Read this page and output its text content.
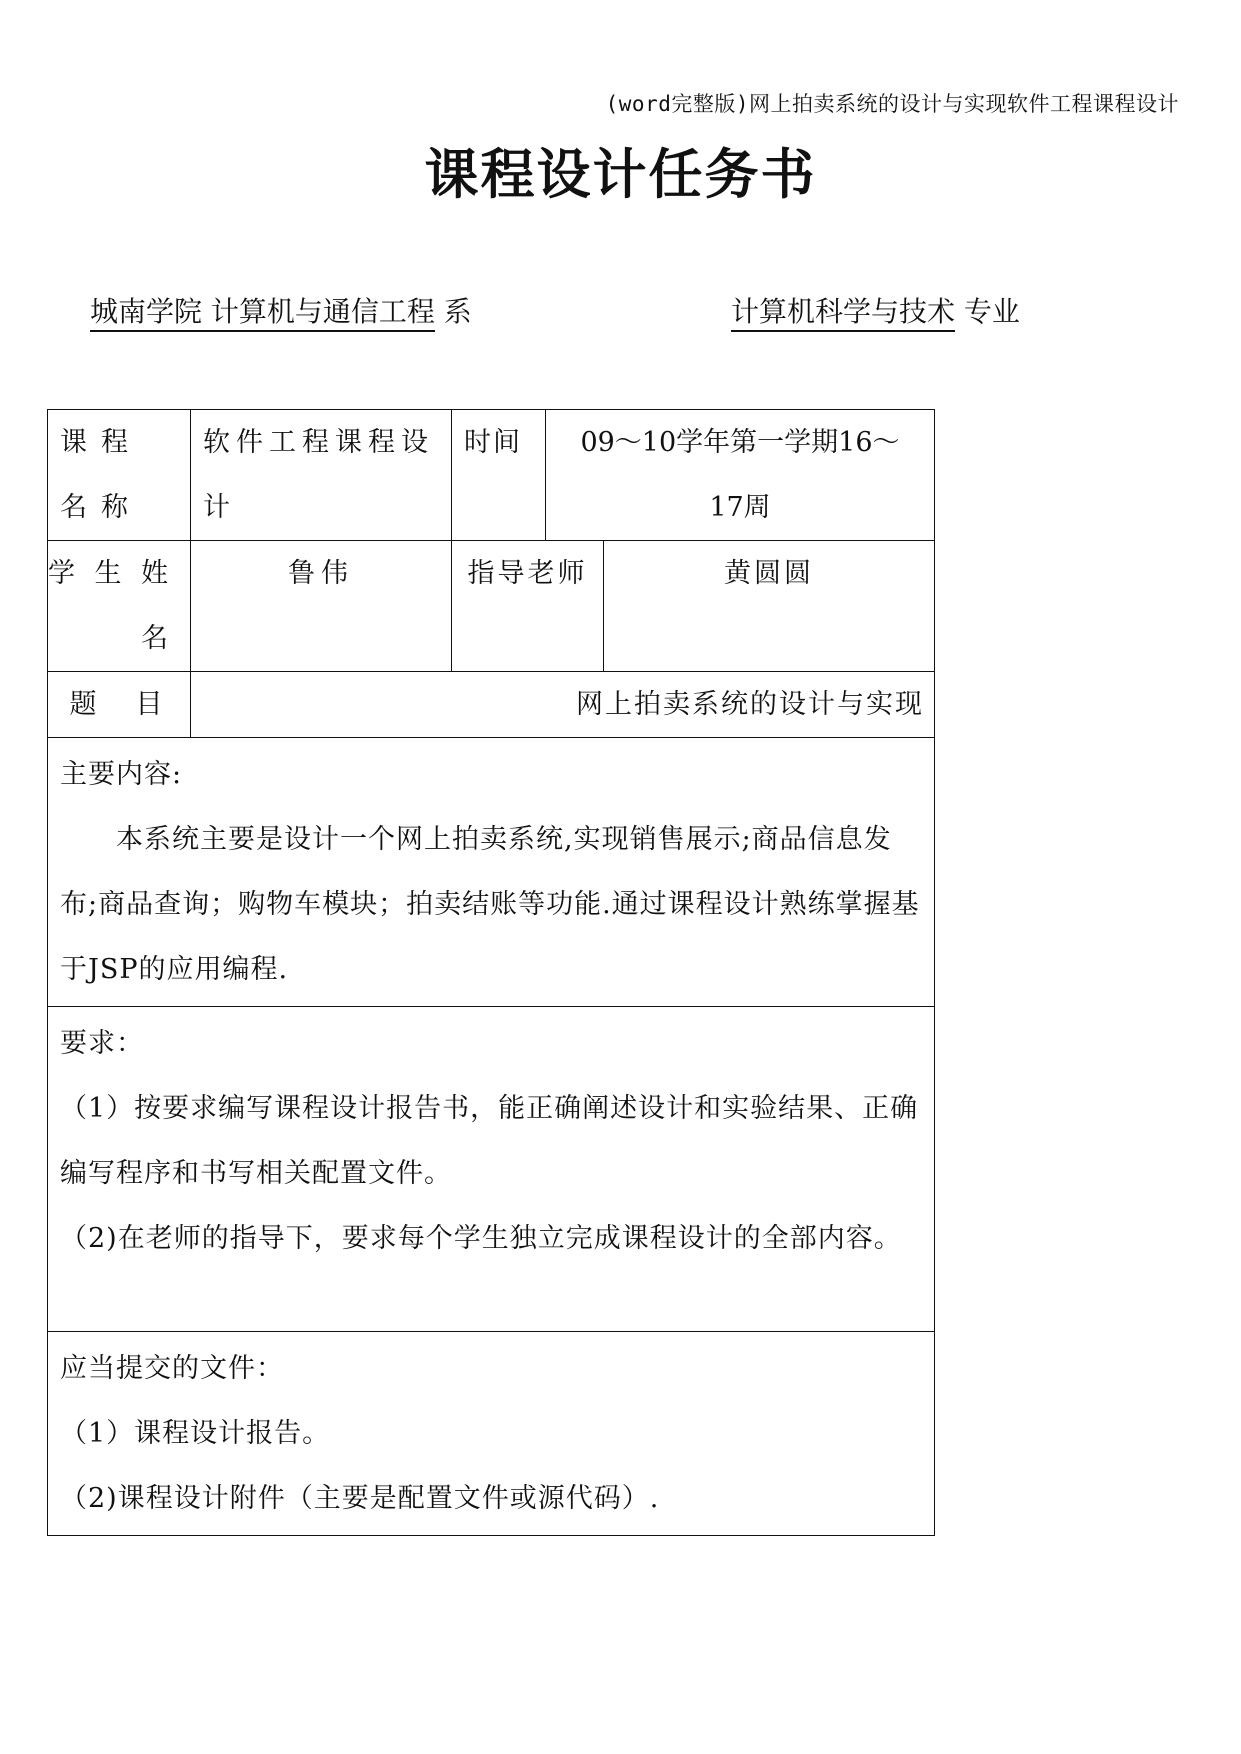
(word完整版)网上拍卖系统的设计与实现软件工程课程设计
课程设计任务书
城南学院 计算机与通信工程 系	计算机科学与技术 专业
课程名称	软件工程课程设计	时间	09～10学年第一学期16～17周	
学生姓名	鲁伟	指导老师		黄圆圆
题　目	网上拍卖系统的设计与实现			

主要内容:

本系统主要是设计一个网上拍卖系统,实现销售展示;商品信息发布;商品查询；购物车模块；拍卖结账等功能.通过课程设计熟练掌握基于JSP的应用编程.				

要求：

（1）按要求编写课程设计报告书，能正确阐述设计和实验结果、正确编写程序和书写相关配置文件。

（2)在老师的指导下，要求每个学生独立完成课程设计的全部内容。				

应当提交的文件：

（1）课程设计报告。

（2)课程设计附件（主要是配置文件或源代码）.				
